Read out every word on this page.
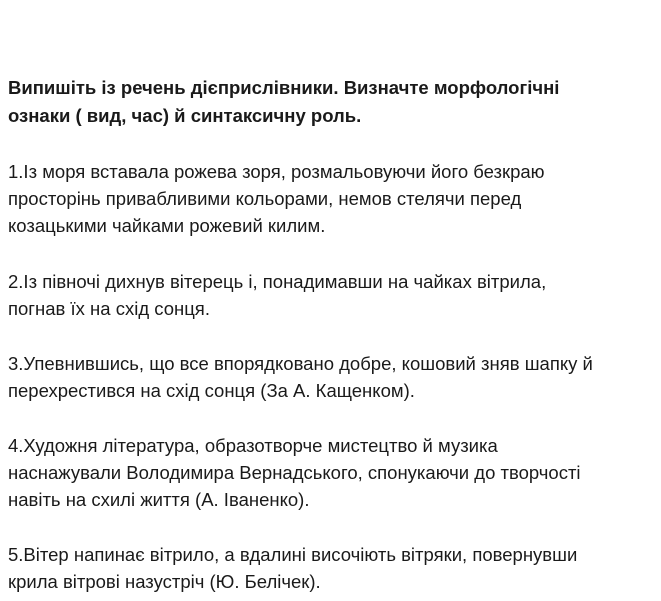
Випишіть із речень дієприслівники. Визначте морфологічні
ознаки ( вид, час) й синтаксичну роль.

1.Із моря вставала рожева зоря, розмальовуючи його безкраю
просторінь привабливими кольорами, немов стелячи перед
козацькими чайками рожевий килим.

2.Із півночі дихнув вітерець і, понадимавши на чайках вітрила,
погнав їх на схід сонця.

3.Упевнившись, що все впорядковано добре, кошовий зняв шапку й
перехрестився на схід сонця (За А. Кащенком).

4.Художня література, образотворче мистецтво й музика
наснажували Володимира Вернадського, спонукаючи до творчості
навіть на схилі життя (А. Іваненко).

5.Вітер напинає вітрило, а вдалині височіють вітряки, повернувши
крила вітрові назустріч (Ю. Белічек).
